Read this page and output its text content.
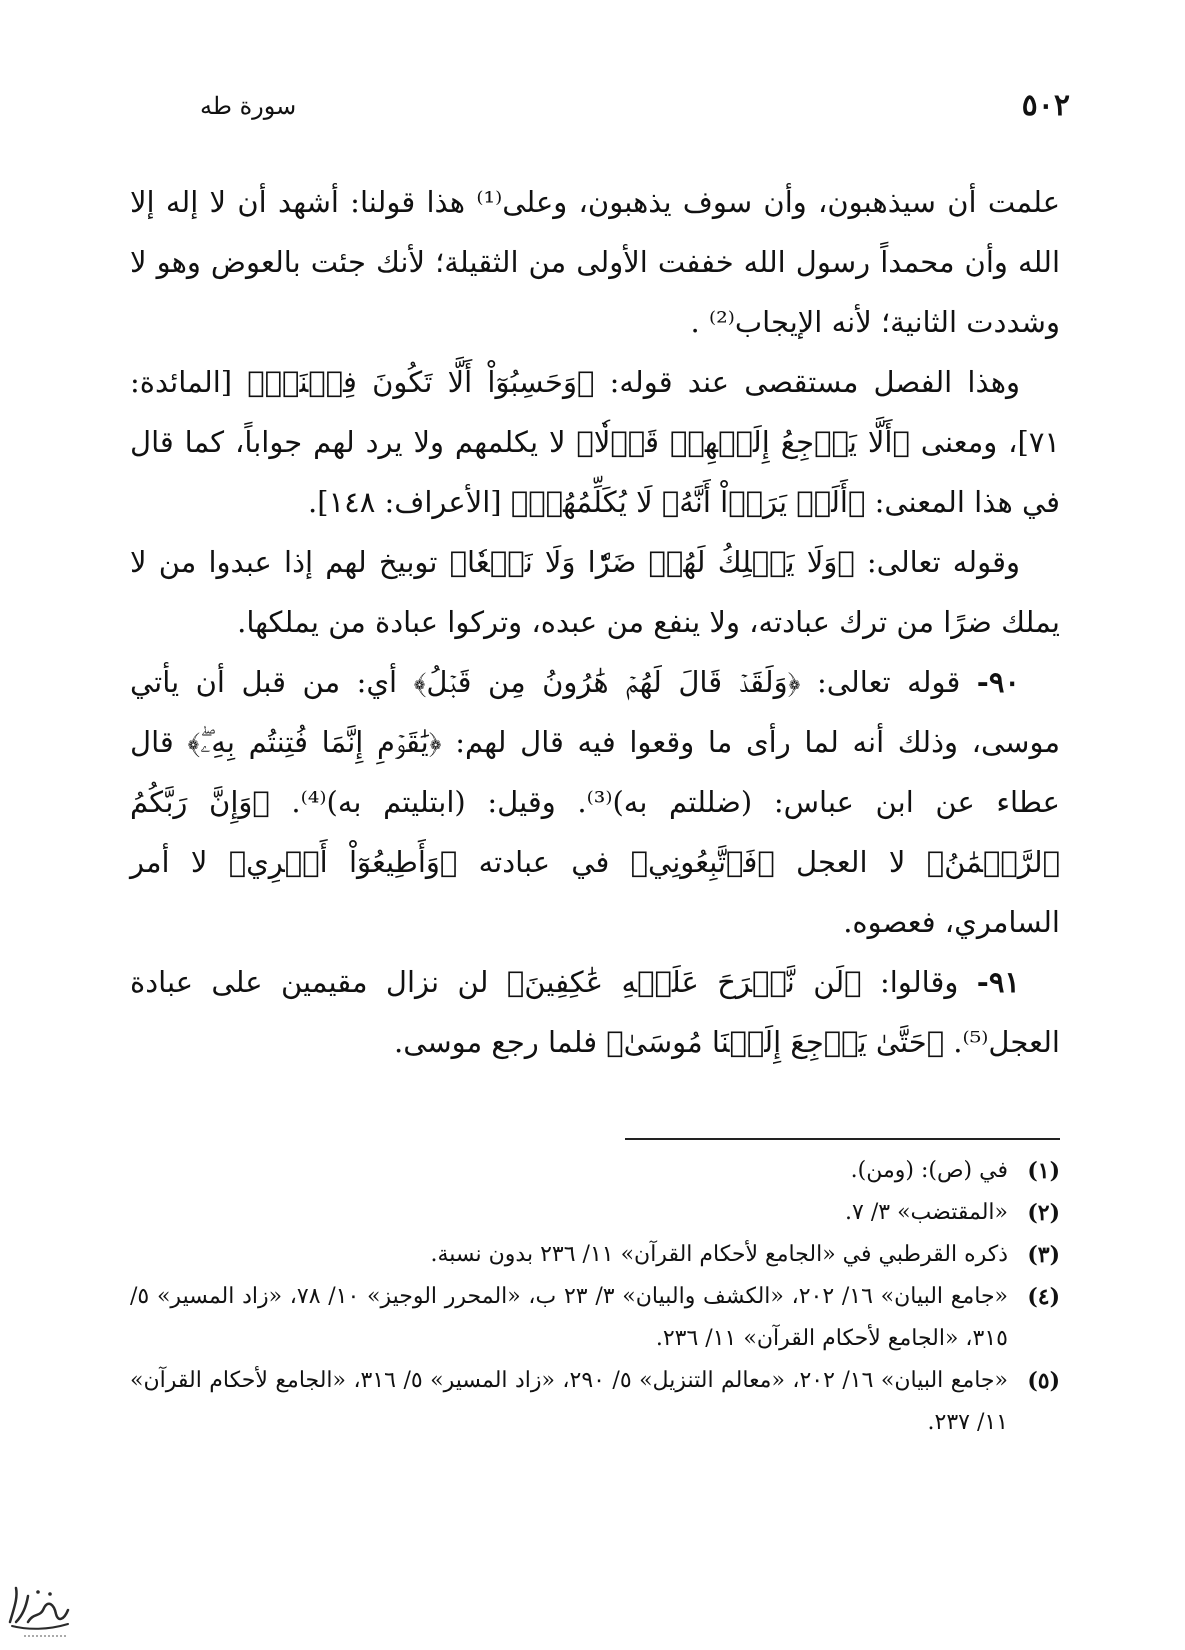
سورة طه	٥٠٢

علمت أن سيذهبون، وأن سوف يذهبون، وعلى⁽¹⁾ هذا قولنا: أشهد أن لا إله إلا الله وأن محمداً رسول الله خففت الأولى من الثقيلة؛ لأنك جئت بالعوض وهو لا وشددت الثانية؛ لأنه الإيجاب⁽²⁾ .

وهذا الفصل مستقصى عند قوله: ﴿وَحَسِبُوٓاْ أَلَّا تَكُونَ فِتۡنَةٞ﴾ [المائدة: ٧١]، ومعنى ﴿أَلَّا يَرۡجِعُ إِلَيۡهِمۡ قَوۡلٗا﴾ لا يكلمهم ولا يرد لهم جواباً، كما قال في هذا المعنى: ﴿أَلَمۡ يَرَوۡاْ أَنَّهُۥ لَا يُكَلِّمُهُمۡ﴾ [الأعراف: ١٤٨].

وقوله تعالى: ﴿وَلَا يَمۡلِكُ لَهُمۡ ضَرّٗا وَلَا نَفۡعٗا﴾ توبيخ لهم إذا عبدوا من لا يملك ضرًا من ترك عبادته، ولا ينفع من عبده، وتركوا عبادة من يملكها.

٩٠- قوله تعالى: ﴿وَلَقَدۡ قَالَ لَهُمۡ هَٰرُونُ مِن قَبۡلُ﴾ أي: من قبل أن يأتي موسى، وذلك أنه لما رأى ما وقعوا فيه قال لهم: ﴿يَٰقَوۡمِ إِنَّمَا فُتِنتُم بِهِۦۖ﴾ قال عطاء عن ابن عباس: (ضللتم به)⁽³⁾. وقيل: (ابتليتم به)⁽⁴⁾. ﴿وَإِنَّ رَبَّكُمُ ٱلرَّحۡمَٰنُ﴾ لا العجل ﴿فَٱتَّبِعُونِي﴾ في عبادته ﴿وَأَطِيعُوٓاْ أَمۡرِي﴾ لا أمر السامري، فعصوه.

٩١- وقالوا: ﴿لَن نَّبۡرَحَ عَلَيۡهِ عَٰكِفِينَ﴾ لن نزال مقيمين على عبادة العجل⁽⁵⁾. ﴿حَتَّىٰ يَرۡجِعَ إِلَيۡنَا مُوسَىٰ﴾ فلما رجع موسى.

(١)
في (ص): (ومن).
(٢)
«المقتضب» ٣/ ٧.
(٣)
ذكره القرطبي في «الجامع لأحكام القرآن» ١١/ ٢٣٦ بدون نسبة.
(٤)
«جامع البيان» ١٦/ ٢٠٢، «الكشف والبيان» ٣/ ٢٣ ب، «المحرر الوجيز» ١٠/ ٧٨، «زاد المسير» ٥/ ٣١٥، «الجامع لأحكام القرآن» ١١/ ٢٣٦.
(٥)
«جامع البيان» ١٦/ ٢٠٢، «معالم التنزيل» ٥/ ٢٩٠، «زاد المسير» ٥/ ٣١٦، «الجامع لأحكام القرآن» ١١/ ٢٣٧.
